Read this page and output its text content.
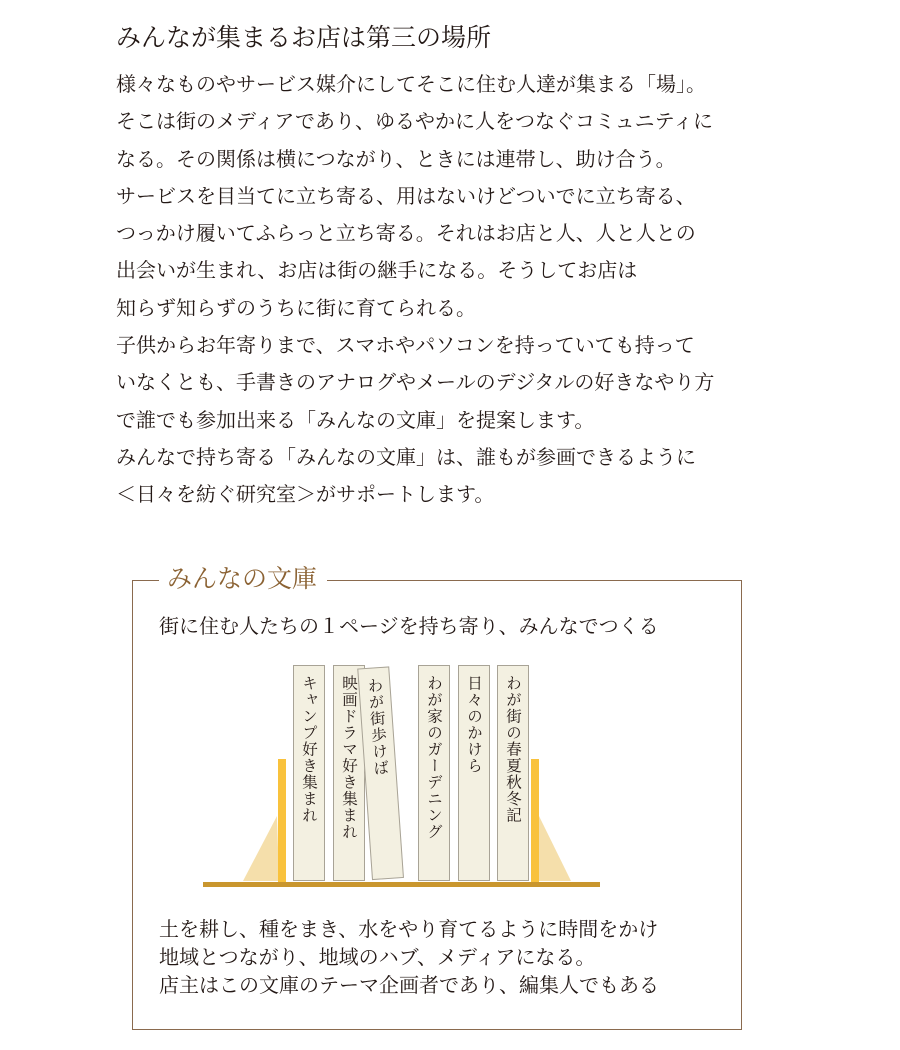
みんなが集まるお店は第三の場所
様々なものやサービス媒介にしてそこに住む人達が集まる「場」。
そこは街のメディアであり、ゆるやかに人をつなぐコミュニティに
なる。その関係は横につながり、ときには連帯し、助け合う。
サービスを目当てに立ち寄る、用はないけどついでに立ち寄る、
つっかけ履いてふらっと立ち寄る。それはお店と人、人と人との
出会いが生まれ、お店は街の継手になる。そうしてお店は
知らず知らずのうちに街に育てられる。
子供からお年寄りまで、スマホやパソコンを持っていても持って
いなくとも、手書きのアナログやメールのデジタルの好きなやり方
で誰でも参加出来る「みんなの文庫」を提案します。
みんなで持ち寄る「みんなの文庫」は、誰もが参画できるように
＜日々を紡ぐ研究室＞がサポートします。
みんなの文庫
街に住む人たちの１ページを持ち寄り、みんなでつくる
キャンプ好き集まれ	映画ドラマ好き集まれ わが街歩けば	わが家のガーデニング	日々のかけら	わが街の春夏秋冬記
土を耕し、種をまき、水をやり育てるように時間をかけ
地域とつながり、地域のハブ、メディアになる。
店主はこの文庫のテーマ企画者であり、編集人でもある
